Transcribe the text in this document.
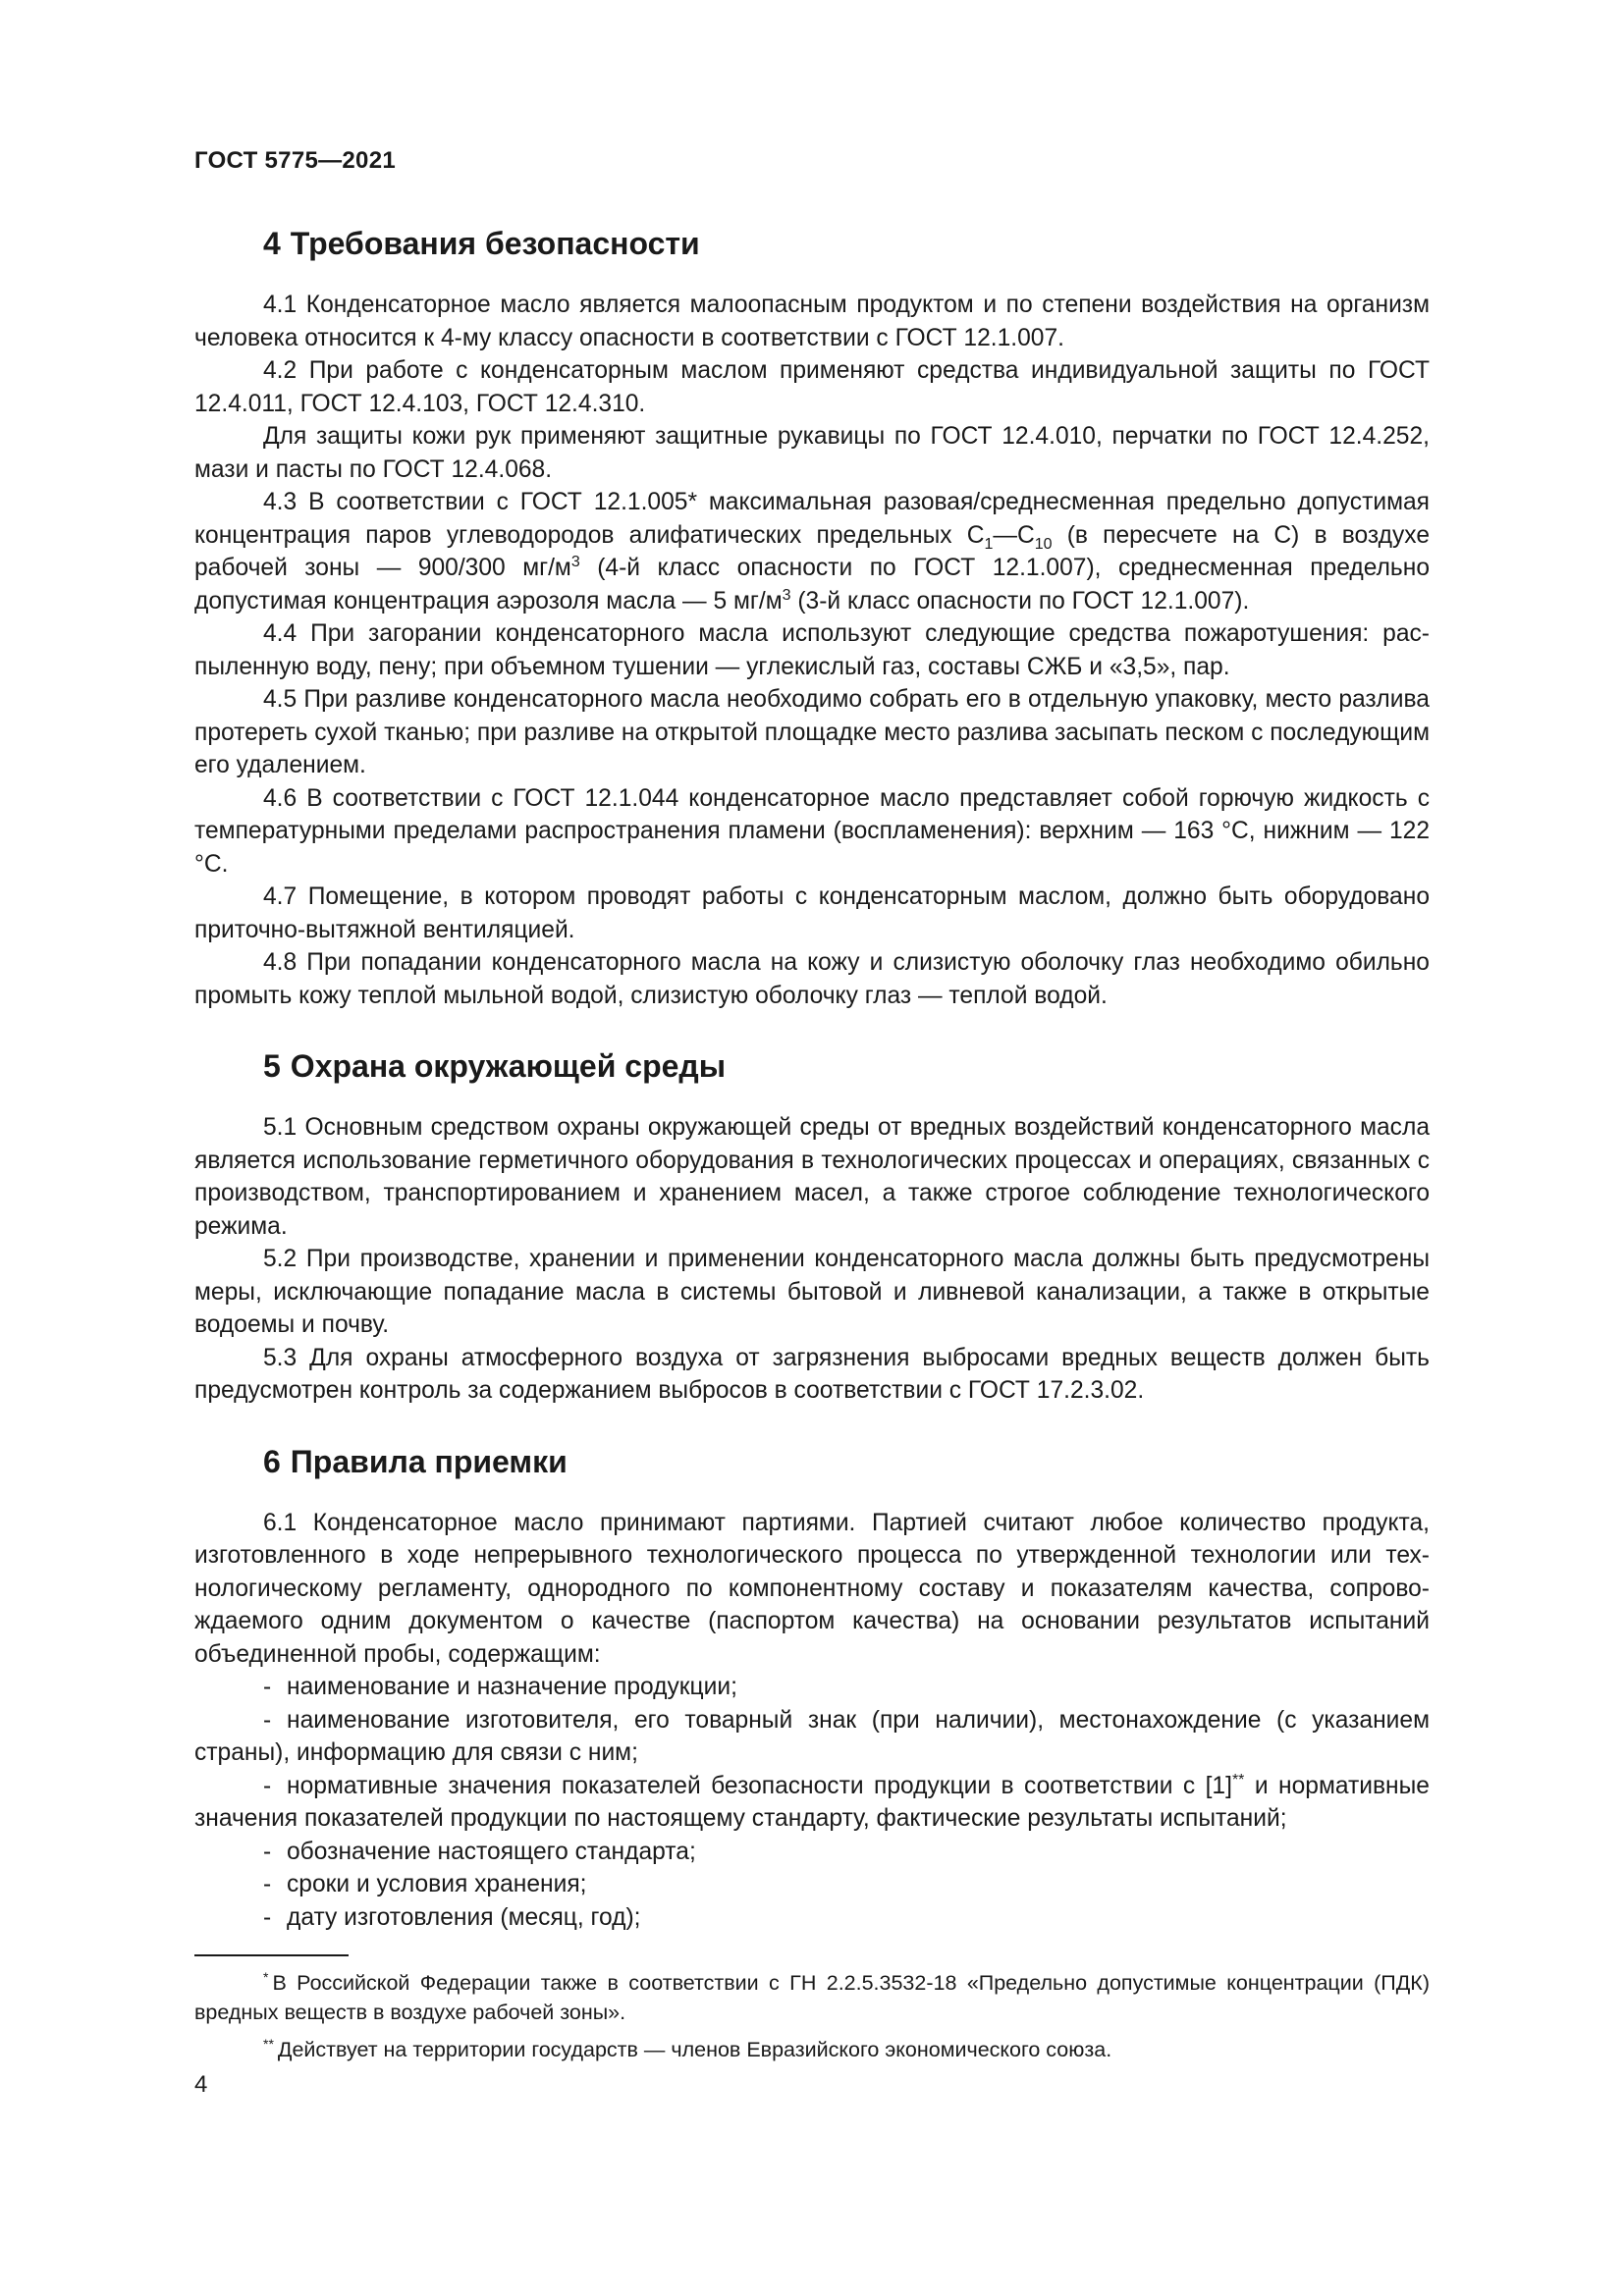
ГОСТ 5775—2021
4 Требования безопасности

4.1 Конденсаторное масло является малоопасным продуктом и по степени воздействия на организм человека относится к 4-му классу опасности в соответствии с ГОСТ 12.1.007.

4.2 При работе с конденсаторным маслом применяют средства индивидуальной защиты по ГОСТ 12.4.011, ГОСТ 12.4.103, ГОСТ 12.4.310.

Для защиты кожи рук применяют защитные рукавицы по ГОСТ 12.4.010, перчатки по ГОСТ 12.4.252, мази и пасты по ГОСТ 12.4.068.

4.3 В соответствии с ГОСТ 12.1.005* максимальная разовая/среднесменная предельно допустимая концентрация паров углеводородов алифатических предельных $С_1—С_{10}$ (в пересчете на С) в воздухе рабочей зоны — 900/300 $мг/м^3$ (4-й класс опасности по ГОСТ 12.1.007), среднесменная предельно допустимая концентрация аэрозоля масла — 5 $мг/м^3$ (3-й класс опасности по ГОСТ 12.1.007).

4.4 При загорании конденсаторного масла используют следующие средства пожаротушения: распыленную воду, пену; при объемном тушении — углекислый газ, составы СЖБ и «3,5», пар.

4.5 При разливе конденсаторного масла необходимо собрать его в отдельную упаковку, место разлива протереть сухой тканью; при разливе на открытой площадке место разлива засыпать песком с последующим его удалением.

4.6 В соответствии с ГОСТ 12.1.044 конденсаторное масло представляет собой горючую жидкость с температурными пределами распространения пламени (воспламенения): верхним — 163 °С, нижним — 122 °С.

4.7 Помещение, в котором проводят работы с конденсаторным маслом, должно быть оборудовано приточно-вытяжной вентиляцией.

4.8 При попадании конденсаторного масла на кожу и слизистую оболочку глаз необходимо обильно промыть кожу теплой мыльной водой, слизистую оболочку глаз — теплой водой.

5 Охрана окружающей среды

5.1 Основным средством охраны окружающей среды от вредных воздействий конденсаторного масла является использование герметичного оборудования в технологических процессах и операциях, связанных с производством, транспортированием и хранением масел, а также строгое соблюдение технологического режима.

5.2 При производстве, хранении и применении конденсаторного масла должны быть предусмотрены меры, исключающие попадание масла в системы бытовой и ливневой канализации, а также в открытые водоемы и почву.

5.3 Для охраны атмосферного воздуха от загрязнения выбросами вредных веществ должен быть предусмотрен контроль за содержанием выбросов в соответствии с ГОСТ 17.2.3.02.

6 Правила приемки

6.1 Конденсаторное масло принимают партиями. Партией считают любое количество продукта, изготовленного в ходе непрерывного технологического процесса по утвержденной технологии или технологическому регламенту, однородного по компонентному составу и показателям качества, сопровождаемого одним документом о качестве (паспортом качества) на основании результатов испытаний объединенной пробы, содержащим:

- наименование и назначение продукции;

- наименование изготовителя, его товарный знак (при наличии), местонахождение (с указанием страны), информацию для связи с ним;

- нормативные значения показателей безопасности продукции в соответствии с [1]** и нормативные значения показателей продукции по настоящему стандарту, фактические результаты испытаний;

- обозначение настоящего стандарта;

- сроки и условия хранения;

- дату изготовления (месяц, год);

* В Российской Федерации также в соответствии с ГН 2.2.5.3532-18 «Предельно допустимые концентрации (ПДК) вредных веществ в воздухе рабочей зоны».

** Действует на территории государств — членов Евразийского экономического союза.

4
